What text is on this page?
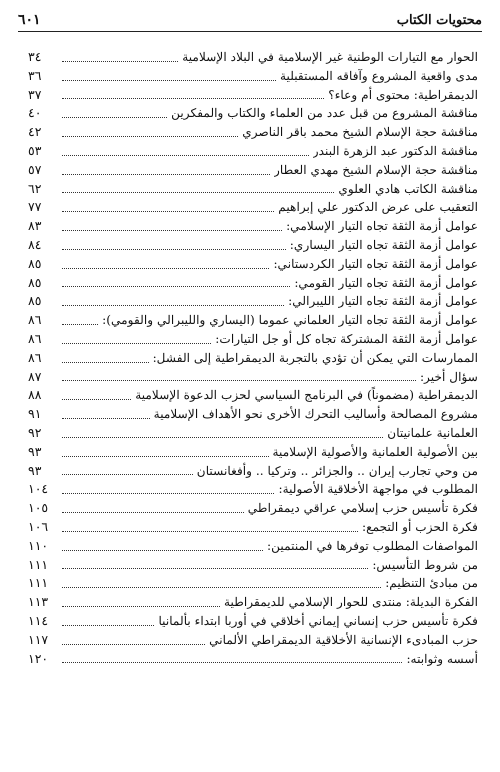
محتويات الكتاب
٦٠١
الحوار مع التيارات الوطنية غير الإسلامية في البلاد الإسلامية
٣٤
مدى واقعية المشروع وآفاقه المستقبلية
٣٦
الديمقراطية: محتوى أم وعاء؟
٣٧
مناقشة المشروع من قبل عدد من العلماء والكتاب والمفكرين
٤٠
مناقشة حجة الإسلام الشيخ محمد باقر الناصري
٤٢
مناقشة الدكتور عبد الزهرة البندر
٥٣
مناقشة حجة الإسلام الشيخ مهدي العطار
٥٧
مناقشة الكاتب هادي العلوي
٦٢
التعقيب على عرض الدكتور علي إبراهيم
٧٧
عوامل أزمة الثقة تجاه التيار الإسلامي:
٨٣
عوامل أزمة الثقة تجاه التيار اليساري:
٨٤
عوامل أزمة الثقة تجاه التيار الكردستاني:
٨٥
عوامل أزمة الثقة تجاه التيار القومي:
٨٥
عوامل أزمة الثقة تجاه التيار الليبرالي:
٨٥
عوامل أزمة الثقة تجاه التيار العلماني عموما (اليساري والليبرالي والقومي):
٨٦
عوامل أزمة الثقة المشتركة تجاه كل أو جل التيارات:
٨٦
الممارسات التي يمكن أن تؤدي بالتجربة الديمقراطية إلى الفشل:
٨٦
سؤال أخير:
٨٧
الديمقراطية (مضموناً) في البرنامج السياسي لحزب الدعوة الإسلامية
٨٨
مشروع المصالحة وأساليب التحرك الأخرى نحو الأهداف الإسلامية
٩١
العلمانية علمانيتان
٩٢
بين الأصولية العلمانية والأصولية الإسلامية
٩٣
من وحي تجارب إيران .. والجزائر .. وتركيا .. وأفغانستان
٩٣
المطلوب في مواجهة الأخلاقية الأصولية:
١٠٤
فكرة تأسيس حزب إسلامي عراقي ديمقراطي
١٠٥
فكرة الحزب أو التجمع:
١٠٦
المواصفات المطلوب توفرها في المنتمين:
١١٠
من شروط التأسيس:
١١١
من مبادئ التنظيم:
١١١
الفكرة البديلة: منتدى للحوار الإسلامي للديمقراطية
١١٣
فكرة تأسيس حزب إنساني إيماني أخلاقي في أوربا ابتداء بألمانيا
١١٤
حزب المبادىء الإنسانية الأخلاقية الديمقراطي الألماني
١١٧
أسسه وثوابته:
١٢٠
